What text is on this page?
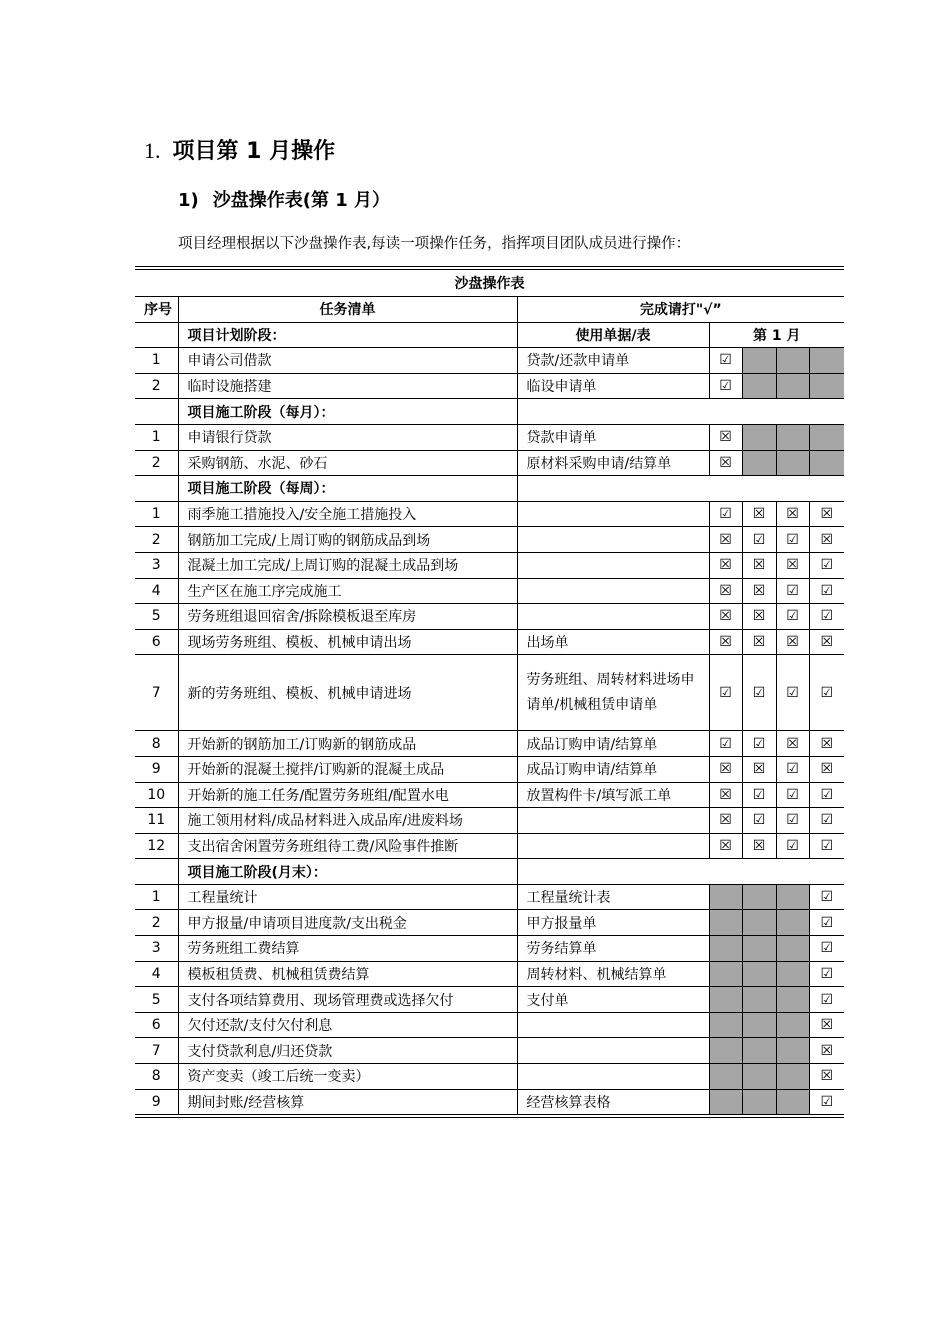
1. 项目第 1 月操作
1) 沙盘操作表(第 1 月）
项目经理根据以下沙盘操作表,每读一项操作任务，指挥项目团队成员进行操作：
沙盘操作表						
序号	任务清单	完成请打"√”				
	项目计划阶段：	使用单据/表	第 1 月			
1	申请公司借款	贷款/还款申请单	☑			
2	临时设施搭建	临设申请单	☑			
	项目施工阶段（每月）：					
1	申请银行贷款	贷款申请单	☒			
2	采购钢筋、水泥、砂石	原材料采购申请/结算单	☒			
	项目施工阶段（每周）：					
1	雨季施工措施投入/安全施工措施投入		☑	☒	☒	☒
2	钢筋加工完成/上周订购的钢筋成品到场		☒	☑	☑	☒
3	混凝土加工完成/上周订购的混凝土成品到场		☒	☒	☒	☑
4	生产区在施工序完成施工		☒	☒	☑	☑
5	劳务班组退回宿舍/拆除模板退至库房		☒	☒	☑	☑
6	现场劳务班组、模板、机械申请出场	出场单	☒	☒	☒	☒
7	新的劳务班组、模板、机械申请进场	劳务班组、周转材料进场申请单/机械租赁申请单	☑	☑	☑	☑
8	开始新的钢筋加工/订购新的钢筋成品	成品订购申请/结算单	☑	☑	☒	☒
9	开始新的混凝土搅拌/订购新的混凝土成品	成品订购申请/结算单	☒	☒	☑	☒
10	开始新的施工任务/配置劳务班组/配置水电	放置构件卡/填写派工单	☒	☑	☑	☑
11	施工领用材料/成品材料进入成品库/进废料场		☒	☑	☑	☑
12	支出宿舍闲置劳务班组待工费/风险事件推断		☒	☒	☑	☑
	项目施工阶段(月末）：					
1	工程量统计	工程量统计表				☑
2	甲方报量/申请项目进度款/支出税金	甲方报量单				☑
3	劳务班组工费结算	劳务结算单				☑
4	模板租赁费、机械租赁费结算	周转材料、机械结算单				☑
5	支付各项结算费用、现场管理费或选择欠付	支付单				☑
6	欠付还款/支付欠付利息					☒
7	支付贷款利息/归还贷款					☒
8	资产变卖（竣工后统一变卖）					☒
9	期间封账/经营核算	经营核算表格				☑
